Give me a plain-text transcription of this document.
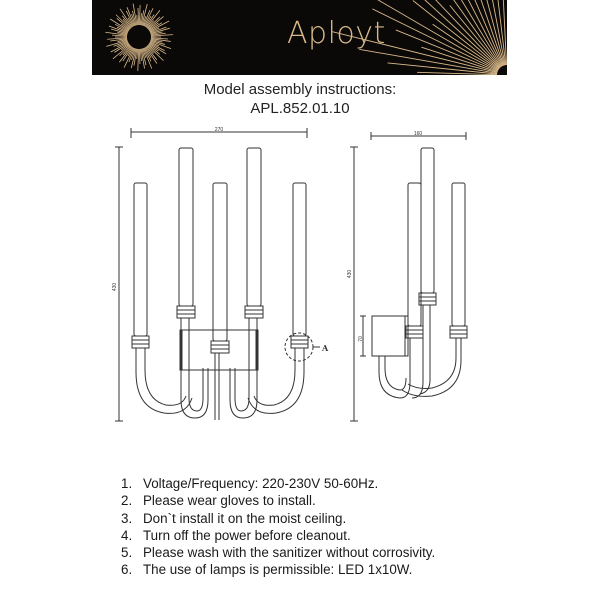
Aployt
Model assembly instructions:
APL.852.01.10
270
430
A
160
430
70
1. Voltage/Frequency: 220-230V 50-60Hz.
2. Please wear gloves to install.
3. Don`t install it on the moist ceiling.
4. Turn off the power before cleanout.
5. Please wash with the sanitizer without corrosivity.
6. The use of lamps is permissible: LED 1x10W.
